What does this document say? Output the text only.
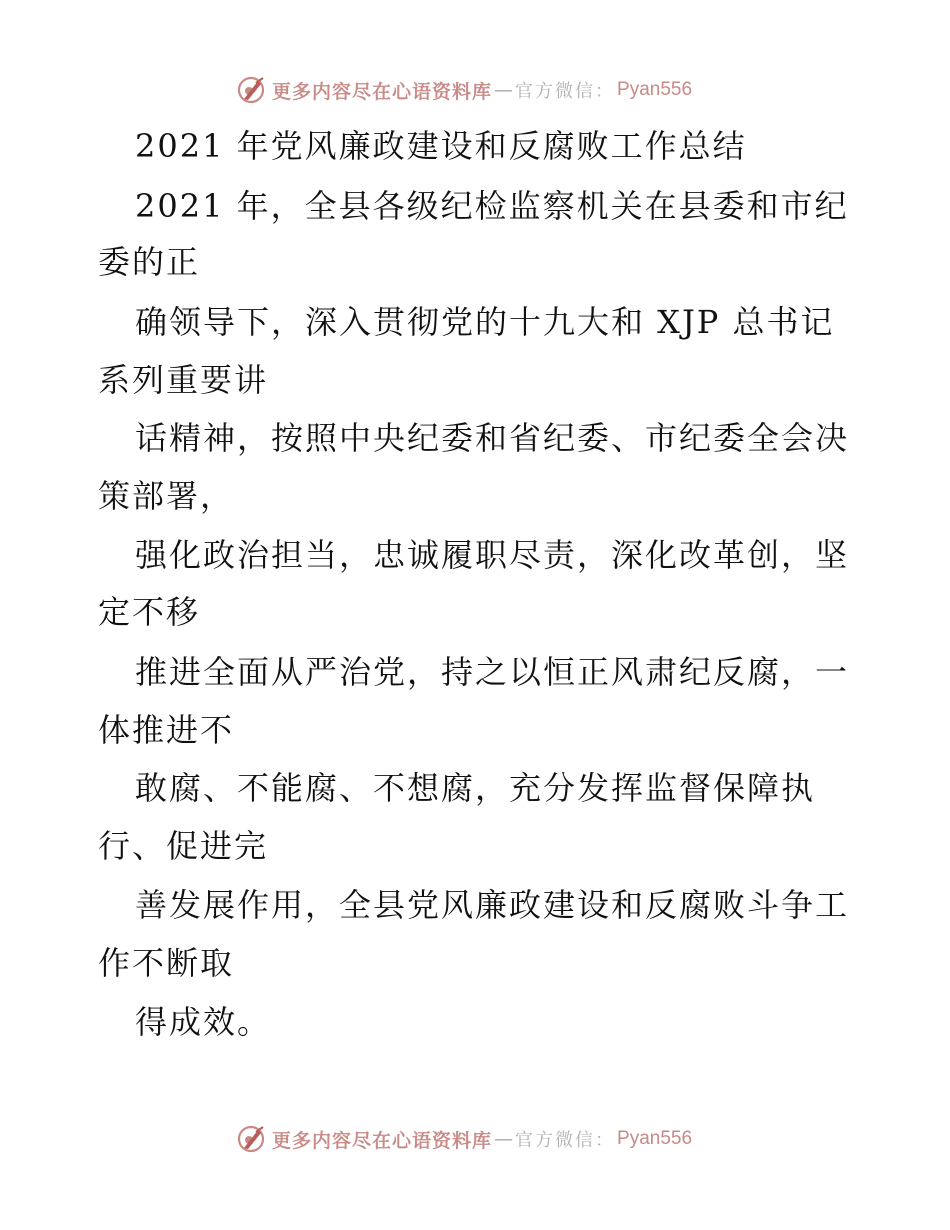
更多内容尽在心语资料库 — 官方微信： Pyan556
2021 年党风廉政建设和反腐败工作总结
2021 年，全县各级纪检监察机关在县委和市纪
委的正
确领导下，深入贯彻党的十九大和 XJP 总书记
系列重要讲
话精神，按照中央纪委和省纪委、市纪委全会决
策部署，
强化政治担当，忠诚履职尽责，深化改革创，坚
定不移
推进全面从严治党，持之以恒正风肃纪反腐，一
体推进不
敢腐、不能腐、不想腐，充分发挥监督保障执
行、促进完
善发展作用，全县党风廉政建设和反腐败斗争工
作不断取
得成效。
更多内容尽在心语资料库 — 官方微信： Pyan556
